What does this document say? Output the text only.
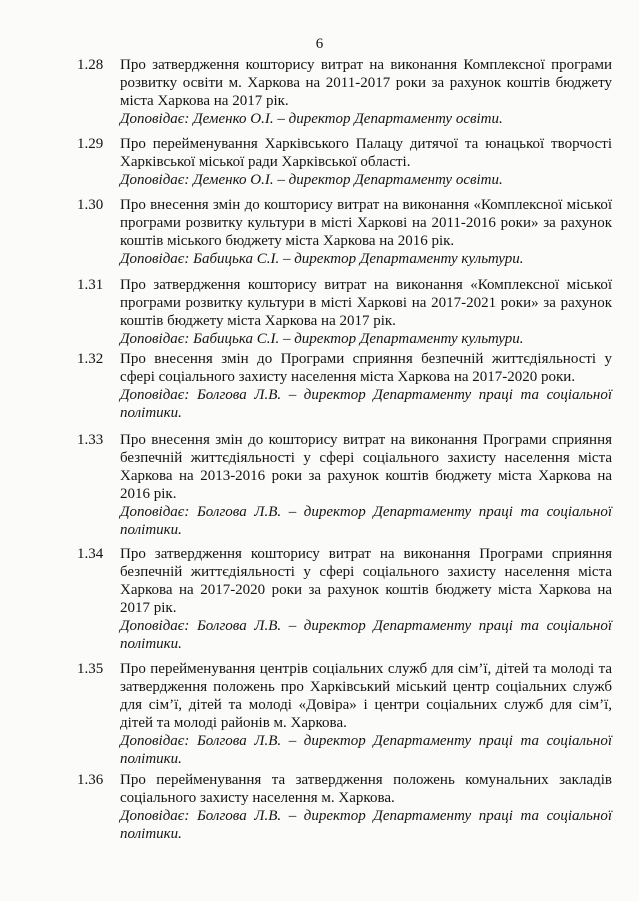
6
1.28 Про затвердження кошторису витрат на виконання Комплексної програми розвитку освіти м. Харкова на 2011-2017 роки за рахунок коштів бюджету міста Харкова на 2017 рік.

Доповідає: Деменко О.І. – директор Департаменту освіти.

1.29 Про перейменування Харківського Палацу дитячої та юнацької творчості Харківської міської ради Харківської області.

Доповідає: Деменко О.І. – директор Департаменту освіти.

1.30 Про внесення змін до кошторису витрат на виконання «Комплексної міської програми розвитку культури в місті Харкові на 2011-2016 роки» за рахунок коштів міського бюджету міста Харкова на 2016 рік.

Доповідає: Бабицька С.І. – директор Департаменту культури.

1.31 Про затвердження кошторису витрат на виконання «Комплексної міської програми розвитку культури в місті Харкові на 2017-2021 роки» за рахунок коштів бюджету міста Харкова на 2017 рік.

Доповідає: Бабицька С.І. – директор Департаменту культури.

1.32 Про внесення змін до Програми сприяння безпечній життєдіяльності у сфері соціального захисту населення міста Харкова на 2017-2020 роки.

Доповідає: Болгова Л.В. – директор Департаменту праці та соціальної політики.

1.33 Про внесення змін до кошторису витрат на виконання Програми сприяння безпечній життєдіяльності у сфері соціального захисту населення міста Харкова на 2013-2016 роки за рахунок коштів бюджету міста Харкова на 2016 рік.

Доповідає: Болгова Л.В. – директор Департаменту праці та соціальної політики.

1.34 Про затвердження кошторису витрат на виконання Програми сприяння безпечній життєдіяльності у сфері соціального захисту населення міста Харкова на 2017-2020 роки за рахунок коштів бюджету міста Харкова на 2017 рік.

Доповідає: Болгова Л.В. – директор Департаменту праці та соціальної політики.

1.35 Про перейменування центрів соціальних служб для сім’ї, дітей та молоді та затвердження положень про Харківський міський центр соціальних служб для сім’ї, дітей та молоді «Довіра» і центри соціальних служб для сім’ї, дітей та молоді районів м. Харкова.

Доповідає: Болгова Л.В. – директор Департаменту праці та соціальної політики.

1.36 Про перейменування та затвердження положень комунальних закладів соціального захисту населення м. Харкова.

Доповідає: Болгова Л.В. – директор Департаменту праці та соціальної політики.
